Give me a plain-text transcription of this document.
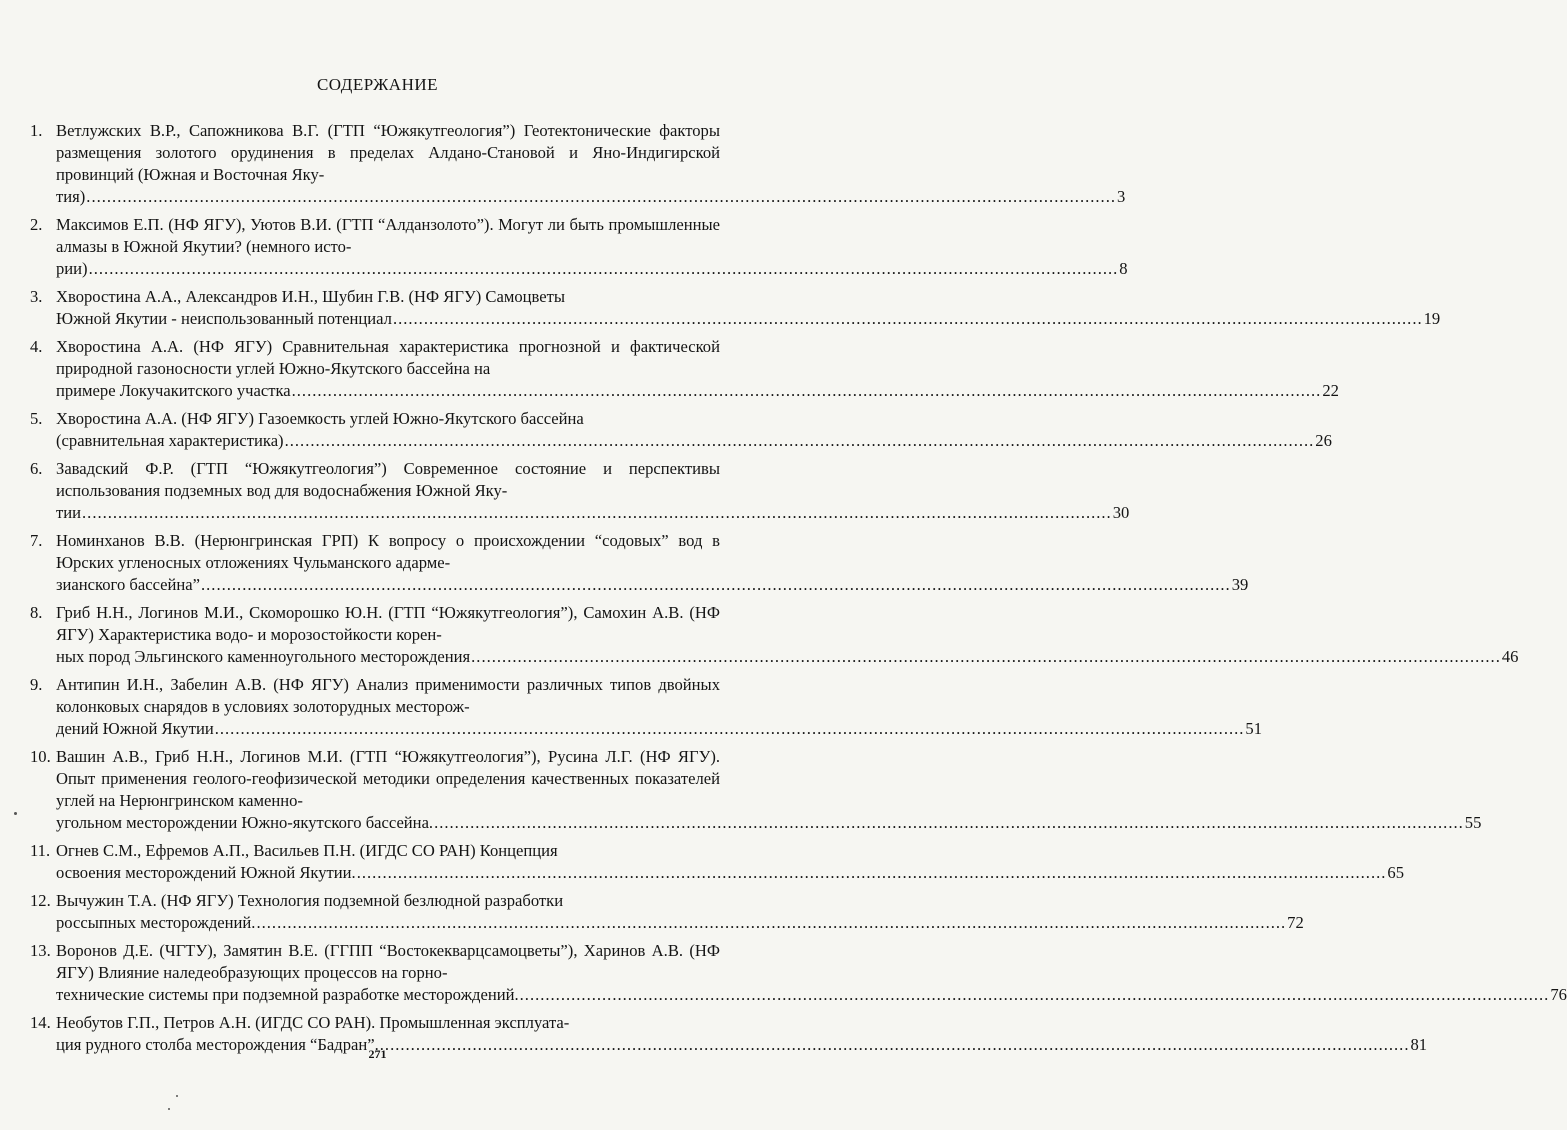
СОДЕРЖАНИЕ
1. Ветлужских В.Р., Сапожникова В.Г. (ГТП “Южякутгеология”) Геотектонические факторы размещения золотого орудинения в пределах Алдано-Становой и Яно-Индигирской провинций (Южная и Восточная Яку-
тия) ........................................................................................................................................................................................................ 3
2. Максимов Е.П. (НФ ЯГУ), Уютов В.И. (ГТП “Алданзолото”). Могут ли быть промышленные алмазы в Южной Якутии? (немного исто-
рии) ........................................................................................................................................................................................................ 8
3. Хворостина А.А., Александров И.Н., Шубин Г.В. (НФ ЯГУ) Самоцветы
Южной Якутии - неиспользованный потенциал ........................................................................................................................................................................................................ 19
4. Хворостина А.А. (НФ ЯГУ) Сравнительная характеристика прогнозной и фактической природной газоносности углей Южно-Якутского бассейна на
примере Локучакитского участка ........................................................................................................................................................................................................ 22
5. Хворостина А.А. (НФ ЯГУ) Газоемкость углей Южно-Якутского бассейна
(сравнительная характеристика) ........................................................................................................................................................................................................ 26
6. Завадский Ф.Р. (ГТП “Южякутгеология”) Современное состояние и перспективы использования подземных вод для водоснабжения Южной Яку-
тии ........................................................................................................................................................................................................ 30
7. Номинханов В.В. (Нерюнгринская ГРП) К вопросу о происхождении “содовых” вод в Юрских угленосных отложениях Чульманского адарме-
зианского бассейна” ........................................................................................................................................................................................................ 39
8. Гриб Н.Н., Логинов М.И., Скоморошко Ю.Н. (ГТП “Южякутгеология”), Самохин А.В. (НФ ЯГУ) Характеристика водо- и морозостойкости корен-
ных пород Эльгинского каменноугольного месторождения ........................................................................................................................................................................................................ 46
9. Антипин И.Н., Забелин А.В. (НФ ЯГУ) Анализ применимости различных типов двойных колонковых снарядов в условиях золоторудных месторож-
дений Южной Якутии ........................................................................................................................................................................................................ 51
10. Вашин А.В., Гриб Н.Н., Логинов М.И. (ГТП “Южякутгеология”), Русина Л.Г. (НФ ЯГУ). Опыт применения геолого-геофизической методики определения качественных показателей углей на Нерюнгринском каменно-
угольном месторождении Южно-якутского бассейна. ........................................................................................................................................................................................................ 55
11. Огнев С.М., Ефремов А.П., Васильев П.Н. (ИГДС СО РАН) Концепция
освоения месторождений Южной Якутии. ........................................................................................................................................................................................................ 65
12. Вычужин Т.А. (НФ ЯГУ) Технология подземной безлюдной разработки
россыпных месторождений. ........................................................................................................................................................................................................ 72
13. Воронов Д.Е. (ЧГТУ), Замятин В.Е. (ГГПП “Востокекварцсамоцветы”), Харинов А.В. (НФ ЯГУ) Влияние наледеобразующих процессов на горно-
технические системы при подземной разработке месторождений. ........................................................................................................................................................................................................ 76
14. Необутов Г.П., Петров А.Н. (ИГДС СО РАН). Промышленная эксплуата-
ция рудного столба месторождения “Бадран”. ........................................................................................................................................................................................................ 81
271
